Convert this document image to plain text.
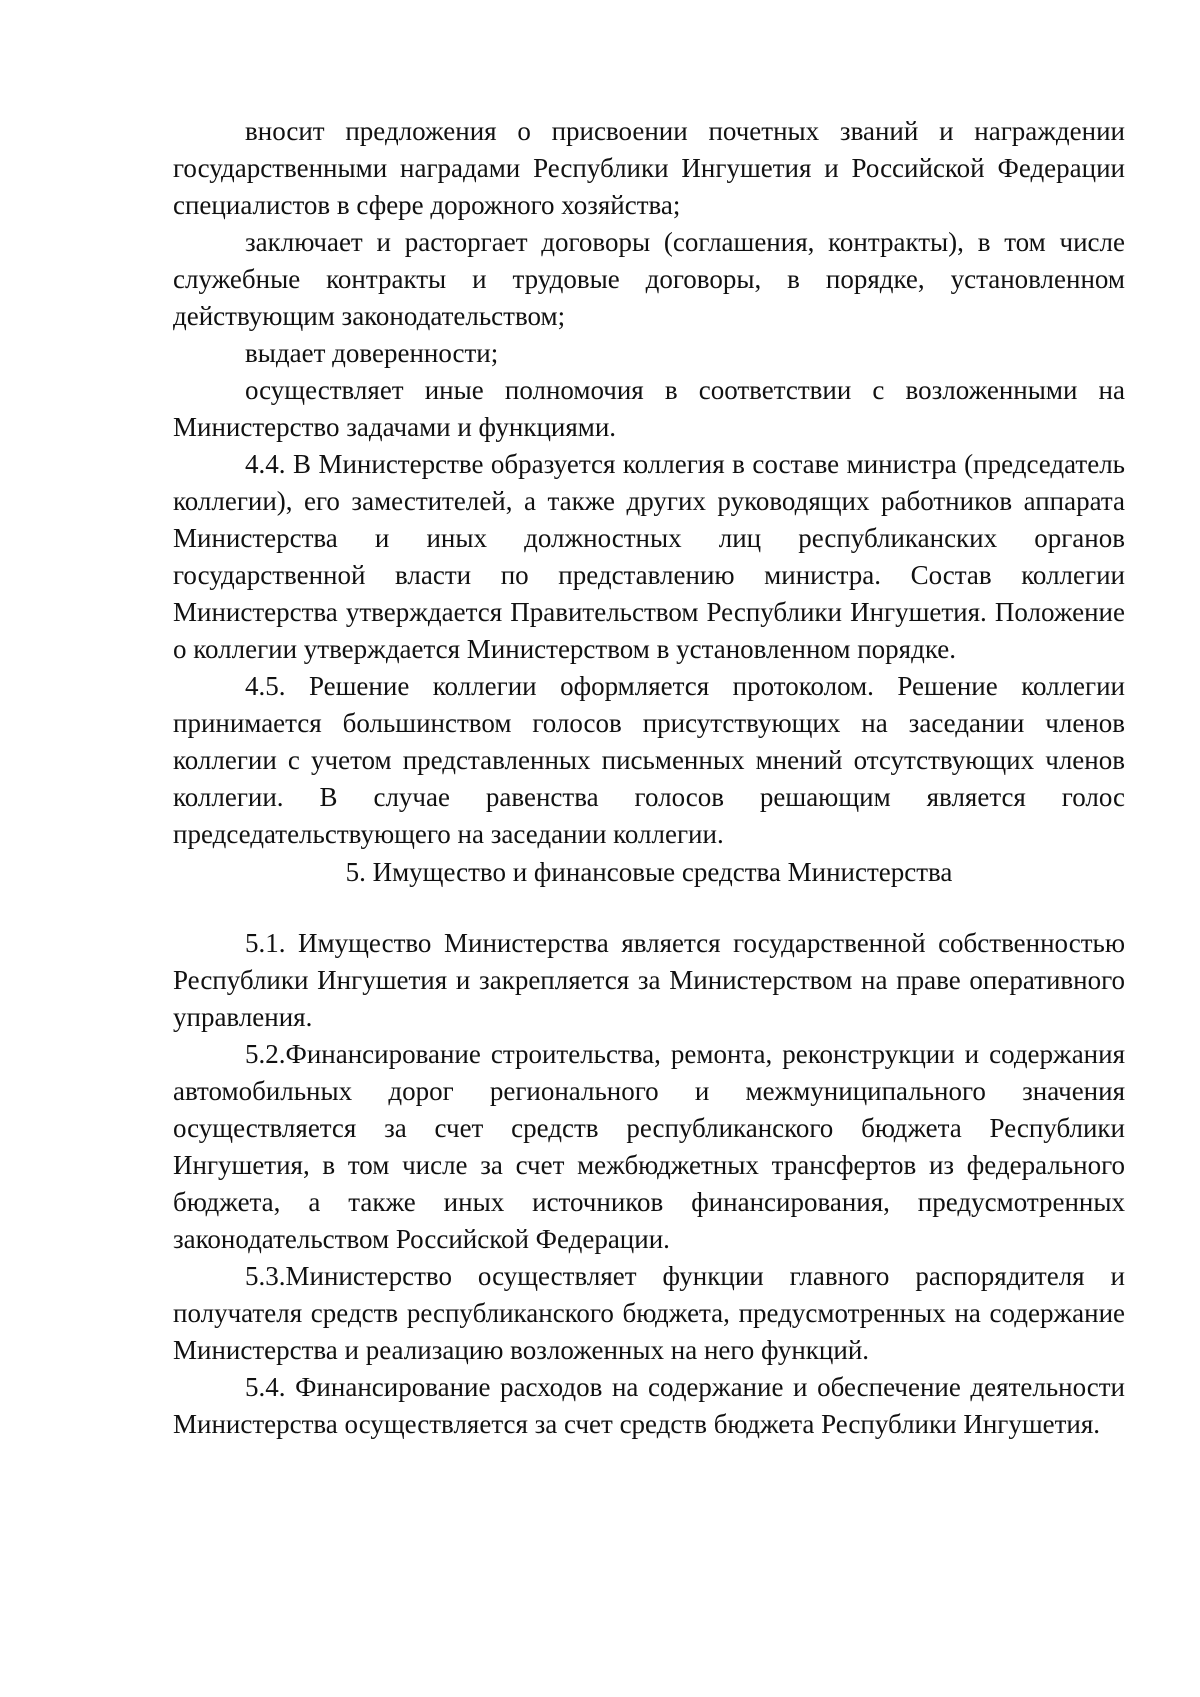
вносит предложения о присвоении почетных званий и награждении государственными наградами Республики Ингушетия и Российской Федерации специалистов в сфере дорожного хозяйства;

заключает и расторгает договоры (соглашения, контракты), в том числе служебные контракты и трудовые договоры, в порядке, установленном действующим законодательством;

выдает доверенности;

осуществляет иные полномочия в соответствии с возложенными на Министерство задачами и функциями.

4.4. В Министерстве образуется коллегия в составе министра (председатель коллегии), его заместителей, а также других руководящих работников аппарата Министерства и иных должностных лиц республиканских органов государственной власти по представлению министра. Состав коллегии Министерства утверждается Правительством Республики Ингушетия. Положение о коллегии утверждается Министерством в установленном порядке.

4.5. Решение коллегии оформляется протоколом. Решение коллегии принимается большинством голосов присутствующих на заседании членов коллегии с учетом представленных письменных мнений отсутствующих членов коллегии. В случае равенства голосов решающим является голос председательствующего на заседании коллегии.

5. Имущество и финансовые средства Министерства

5.1. Имущество Министерства является государственной собственностью Республики Ингушетия и закрепляется за Министерством на праве оперативного управления.

5.2.Финансирование строительства, ремонта, реконструкции и содержания автомобильных дорог регионального и межмуниципального значения осуществляется за счет средств республиканского бюджета Республики Ингушетия, в том числе за счет межбюджетных трансфертов из федерального бюджета, а также иных источников финансирования, предусмотренных законодательством Российской Федерации.

5.3.Министерство осуществляет функции главного распорядителя и получателя средств республиканского бюджета, предусмотренных на содержание Министерства и реализацию возложенных на него функций.

5.4. Финансирование расходов на содержание и обеспечение деятельности Министерства осуществляется за счет средств бюджета Республики Ингушетия.
